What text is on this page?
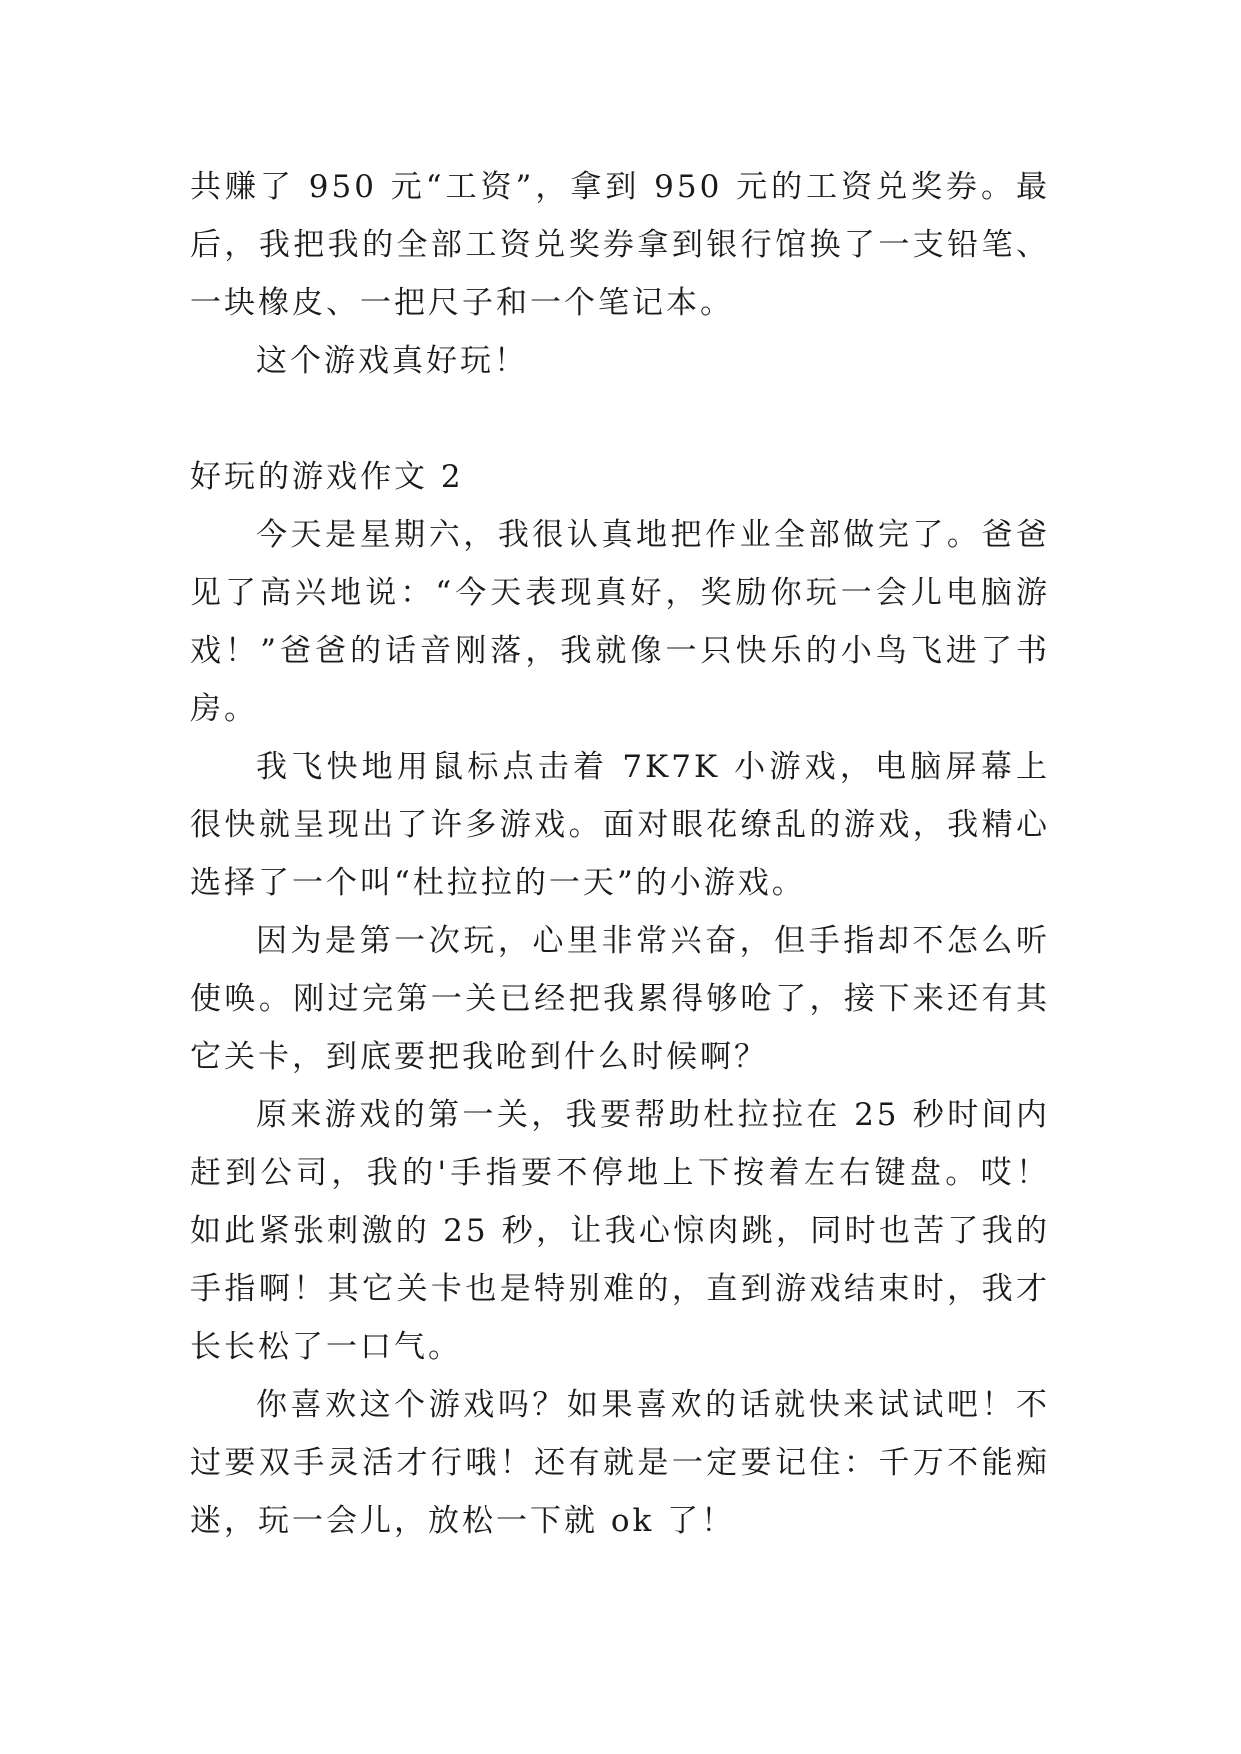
共赚了 950 元“工资”，拿到 950 元的工资兑奖券。最后，我把我的全部工资兑奖券拿到银行馆换了一支铅笔、一块橡皮、一把尺子和一个笔记本。

这个游戏真好玩！

好玩的游戏作文 2

今天是星期六，我很认真地把作业全部做完了。爸爸见了高兴地说：“今天表现真好，奖励你玩一会儿电脑游戏！”爸爸的话音刚落，我就像一只快乐的小鸟飞进了书房。

我飞快地用鼠标点击着 7K7K 小游戏，电脑屏幕上很快就呈现出了许多游戏。面对眼花缭乱的游戏，我精心选择了一个叫“杜拉拉的一天”的小游戏。

因为是第一次玩，心里非常兴奋，但手指却不怎么听使唤。刚过完第一关已经把我累得够呛了，接下来还有其它关卡，到底要把我呛到什么时候啊？

原来游戏的第一关，我要帮助杜拉拉在 25 秒时间内赶到公司，我的'手指要不停地上下按着左右键盘。哎！如此紧张刺激的 25 秒，让我心惊肉跳，同时也苦了我的手指啊！其它关卡也是特别难的，直到游戏结束时，我才长长松了一口气。

你喜欢这个游戏吗？如果喜欢的话就快来试试吧！不过要双手灵活才行哦！还有就是一定要记住：千万不能痴迷，玩一会儿，放松一下就 ok 了！
